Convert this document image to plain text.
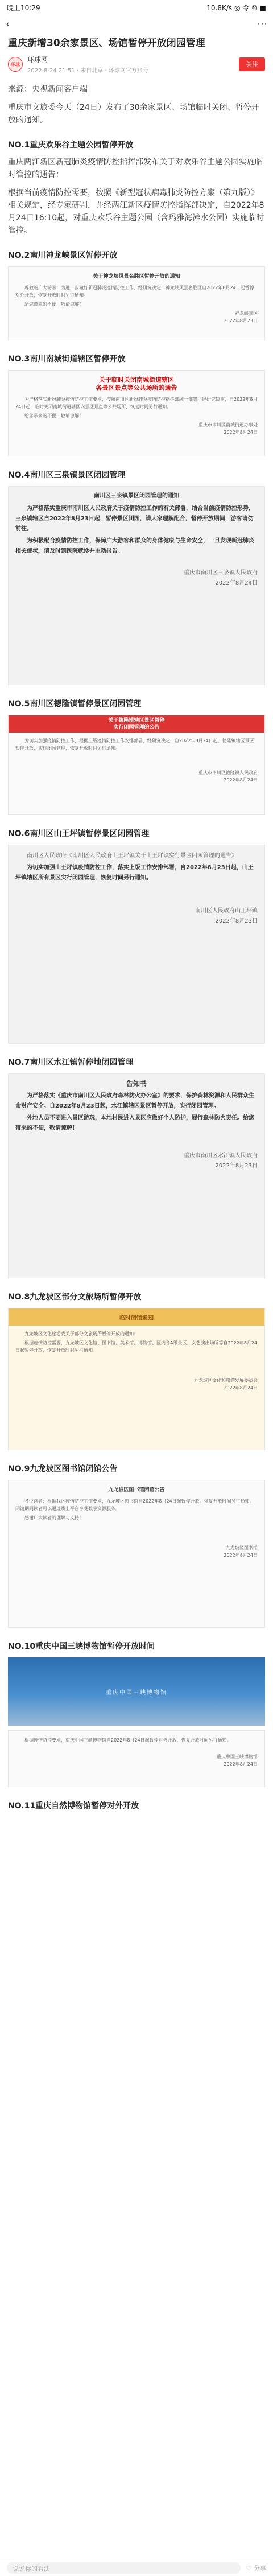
晚上10:29	10.8K/s ◎ 令 ⑩ ■
‹	⋯
重庆新增30余家景区、场馆暂停开放闭园管理
环球
环球网
2022-8-24 21:51 · 来自北京 · 环球网官方账号
关注

来源：央视新闻客户端

重庆市文旅委今天（24日）发布了30余家景区、场馆临时关闭、暂停开放的通知。

NO.1重庆欢乐谷主题公园暂停开放

重庆两江新区新冠肺炎疫情防控指挥部发布关于对欢乐谷主题公园实施临时管控的通告：

根据当前疫情防控需要，按照《新型冠状病毒肺炎防控方案（第九版）》相关规定，经专家研判，并经两江新区疫情防控指挥部决定，自2022年8月24日16:10起，对重庆欢乐谷主题公园（含玛雅海滩水公园）实施临时管控。

NO.2南川神龙峡景区暂停开放
关于神龙峡风景名胜区暂停开放的通知
尊敬的广大游客：为进一步做好新冠肺炎疫情防控工作，经研究决定，神龙峡风景名胜区自2022年8月24日起暂停对外开放，恢复开放时间另行通知。
给您带来的不便，敬请谅解！
神龙峡景区
2022年8月23日
NO.3南川南城街道辖区暂停开放
关于临时关闭南城街道辖区
各景区景点等公共场所的通告
为严格落实新冠肺炎疫情防控工作要求，按照南川区新冠肺炎疫情防控指挥部统一部署，经研究决定，自2022年8月24日起，临时关闭南城街道辖区内景区景点等公共场所，恢复时间另行通知。
给您带来的不便，敬请谅解！
重庆市南川区南城街道办事处
2022年8月24日
NO.4南川区三泉镇景区闭园管理
南川区三泉镇景区闭园管理的通知
为严格落实重庆市南川区人民政府关于疫情防控工作的有关部署，结合当前疫情防控形势，三泉镇辖区自2022年8月23日起，暂停景区闭园，请大家理解配合，暂停开放期间，游客请勿前往。
为积极配合疫情防控工作，保障广大游客和群众的身体健康与生命安全，一旦发现新冠肺炎相关症状，请及时到医院就诊并主动报告。
重庆市南川区三泉镇人民政府
2022年8月24日
NO.5南川区德隆镇暂停景区闭园管理
关于德隆镇辖区景区暂停
实行闭园管理的公告
为切实加强疫情防控工作，根据上级疫情防控工作安排部署，经研究决定，自2022年8月24日起，德隆镇辖区景区暂停开放，实行闭园管理，恢复开放时间另行通知。
重庆市南川区德隆镇人民政府
2022年8月24日
NO.6南川区山王坪镇暂停景区闭园管理
南川区人民政府《南川区人民政府山王坪镇关于山王坪镇实行景区闭园管理的通告》
为切实加强山王坪镇疫情防控工作，落实上级工作安排部署，自2022年8月23日起，山王坪镇辖区所有景区实行闭园管理，恢复时间另行通知。
南川区人民政府山王坪镇
2022年8月23日
NO.7南川区水江镇暂停地闭园管理
告知书
为严格落实《重庆市南川区人民政府森林防火办公室》的要求，保护森林资源和人民群众生命财产安全。自2022年8月23日起，水江镇辖区景区暂停开放，实行闭园管理。
外地人员不要进入景区游玩，本地村民进入景区应做好个人防护，履行森林防火责任。给您带来的不便，敬请谅解！
重庆市南川区水江镇人民政府
2022年8月23日
NO.8九龙坡区部分文旅场所暂停开放
临时闭馆通知
九龙坡区文化旅游委关于部分文旅场所暂停开放的通知：
根据疫情防控需要，九龙坡区文化馆、图书馆、美术馆、博物馆、区内各A级景区、文艺演出场所等自2022年8月24日起暂停开放，恢复开放时间另行通知。
九龙坡区文化和旅游发展委员会
2022年8月24日
NO.9九龙坡区图书馆闭馆公告
九龙坡区图书馆闭馆公告
各位读者：根据我区疫情防控工作要求，九龙坡区图书馆自2022年8月24日起暂停开放。恢复开放时间另行通知。闭馆期间读者可以通过线上平台享受数字资源服务。
感谢广大读者的理解与支持！
九龙坡区图书馆
2022年8月24日
NO.10重庆中国三峡博物馆暂停开放时间
重庆中国三峡博物馆
根据疫情防控要求，重庆中国三峡博物馆自2022年8月24日起暂停对外开放，恢复开放时间另行通知。
重庆中国三峡博物馆
2022年8月24日
NO.11重庆自然博物馆暂停对外开放
说说你的看法	♡ 分享
